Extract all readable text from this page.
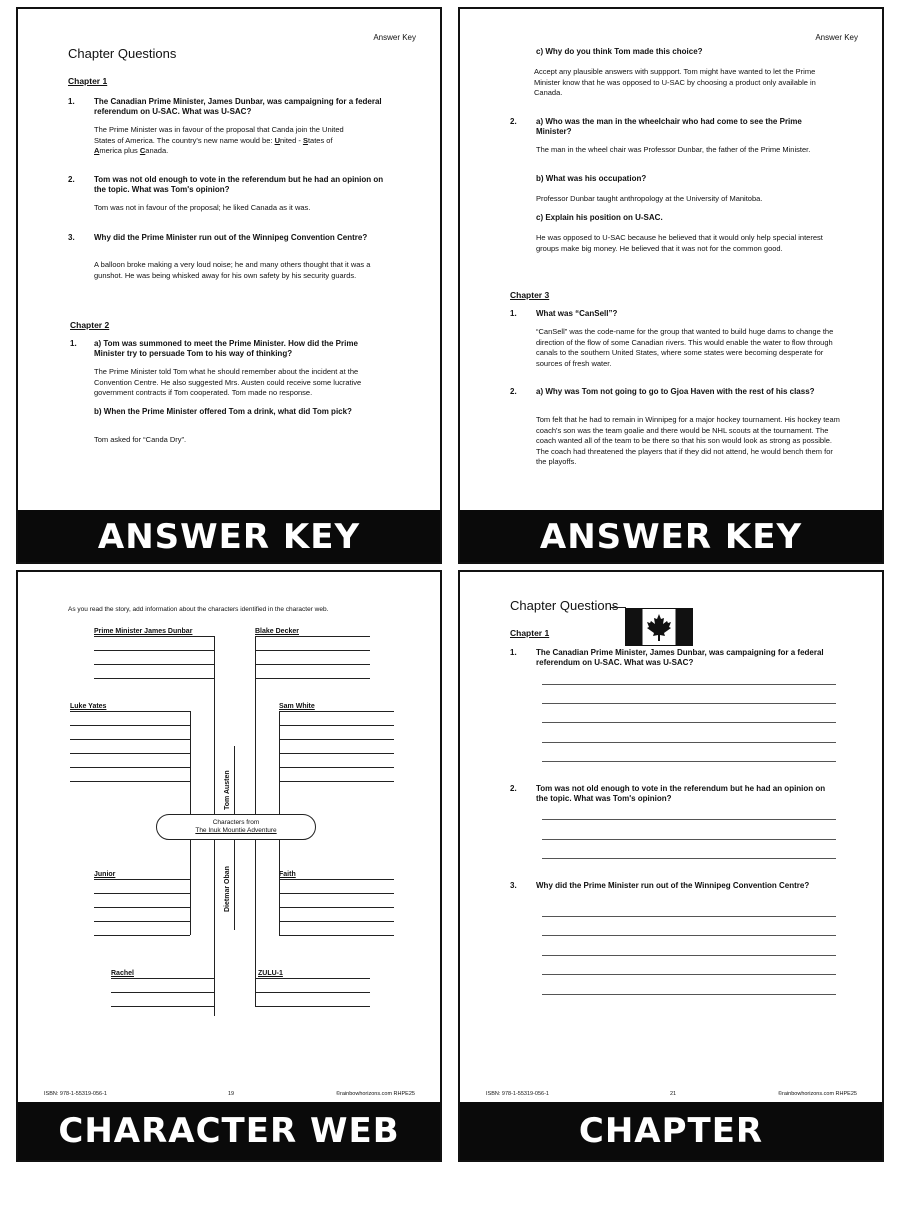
Answer Key
Chapter Questions
Chapter 1
1. The Canadian Prime Minister, James Dunbar, was campaigning for a federal referendum on U-SAC. What was U-SAC?
The Prime Minister was in favour of the proposal that Canda join the United
States of America. The country's new name would be: United - States of
America plus Canada.
2. Tom was not old enough to vote in the referendum but he had an opinion on the topic. What was Tom's opinion?
Tom was not in favour of the proposal; he liked Canada as it was.
3. Why did the Prime Minister run out of the Winnipeg Convention Centre?
A balloon broke making a very loud noise; he and many others thought that it was a gunshot. He was being whisked away for his own safety by his security guards.
Chapter 2
1. a) Tom was summoned to meet the Prime Minister. How did the Prime Minister try to persuade Tom to his way of thinking?
The Prime Minister told Tom what he should remember about the incident at the Convention Centre. He also suggested Mrs. Austen could receive some lucrative government contracts if Tom cooperated. Tom made no response.
b) When the Prime Minister offered Tom a drink, what did Tom pick?
Tom asked for “Canda Dry”.
ANSWER KEY
Answer Key
c) Why do you think Tom made this choice?
Accept any plausible answers with suppport. Tom might have wanted to let the Prime Minister know that he was opposed to U-SAC by choosing a product only available in Canada.
2. a) Who was the man in the wheelchair who had come to see the Prime Minister?
The man in the wheel chair was Professor Dunbar, the father of the Prime Minister.
b) What was his occupation?
Professor Dunbar taught anthropology at the University of Manitoba.
c) Explain his position on U-SAC.
He was opposed to U-SAC because he believed that it would only help special interest groups make big money. He believed that it was not for the common good.
Chapter 3
1. What was “CanSell”?
“CanSell” was the code-name for the group that wanted to build huge dams to change the direction of the flow of some Canadian rivers. This would enable the water to flow through canals to the southern United States, where some states were becoming desperate for sources of fresh water.
2. a) Why was Tom not going to go to Gjoa Haven with the rest of his class?
Tom felt that he had to remain in Winnipeg for a major hockey tournament. His hockey team coach's son was the team goalie and there would be NHL scouts at the tournament. The coach wanted all of the team to be there so that his son would look as strong as possible. The coach had threatened the players that if they did not attend, he would bench them for the playoffs.
ANSWER KEY
As you read the story, add information about the characters identified in the character web.
Prime Minister James Dunbar	Blake Decker
Luke Yates	Sam White
Tom Austen
Characters from
The Inuk Mountie Adventure
Dietmar Oban
Junior	Faith
Rachel	ZULU-1
ISBN: 978-1-55319-056-1	19	©rainbowhorizons.com RHPE25
CHARACTER WEB
Chapter Questions
Chapter 1
1. The Canadian Prime Minister, James Dunbar, was campaigning for a federal referendum on U-SAC. What was U-SAC?
2. Tom was not old enough to vote in the referendum but he had an opinion on the topic. What was Tom's opinion?
3. Why did the Prime Minister run out of the Winnipeg Convention Centre?
ISBN: 978-1-55319-056-1	21	©rainbowhorizons.com RHPE25
CHAPTER QUESTIONS
